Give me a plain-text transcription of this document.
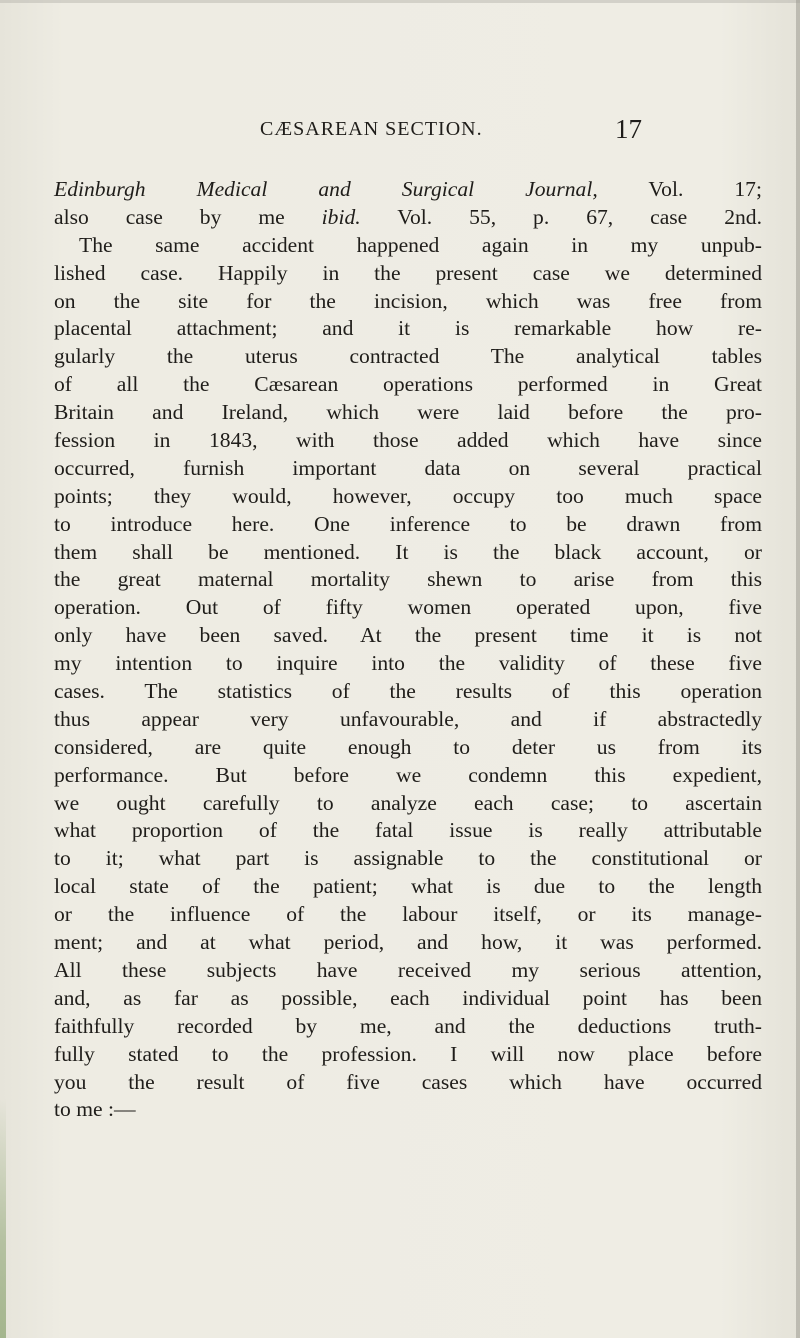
CÆSAREAN SECTION.	17
Edinburgh Medical and Surgical Journal, Vol. 17;
also case by me ibid. Vol. 55, p. 67, case 2nd.
The same accident happened again in my unpub-
lished case. Happily in the present case we determined
on the site for the incision, which was free from
placental attachment; and it is remarkable how re-
gularly the uterus contracted The analytical tables
of all the Cæsarean operations performed in Great
Britain and Ireland, which were laid before the pro-
fession in 1843, with those added which have since
occurred, furnish important data on several practical
points; they would, however, occupy too much space
to introduce here. One inference to be drawn from
them shall be mentioned. It is the black account, or
the great maternal mortality shewn to arise from this
operation. Out of fifty women operated upon, five
only have been saved. At the present time it is not
my intention to inquire into the validity of these five
cases. The statistics of the results of this operation
thus appear very unfavourable, and if abstractedly
considered, are quite enough to deter us from its
performance. But before we condemn this expedient,
we ought carefully to analyze each case; to ascertain
what proportion of the fatal issue is really attributable
to it; what part is assignable to the constitutional or
local state of the patient; what is due to the length
or the influence of the labour itself, or its manage-
ment; and at what period, and how, it was performed.
All these subjects have received my serious attention,
and, as far as possible, each individual point has been
faithfully recorded by me, and the deductions truth-
fully stated to the profession. I will now place before
you the result of five cases which have occurred
to me :—
